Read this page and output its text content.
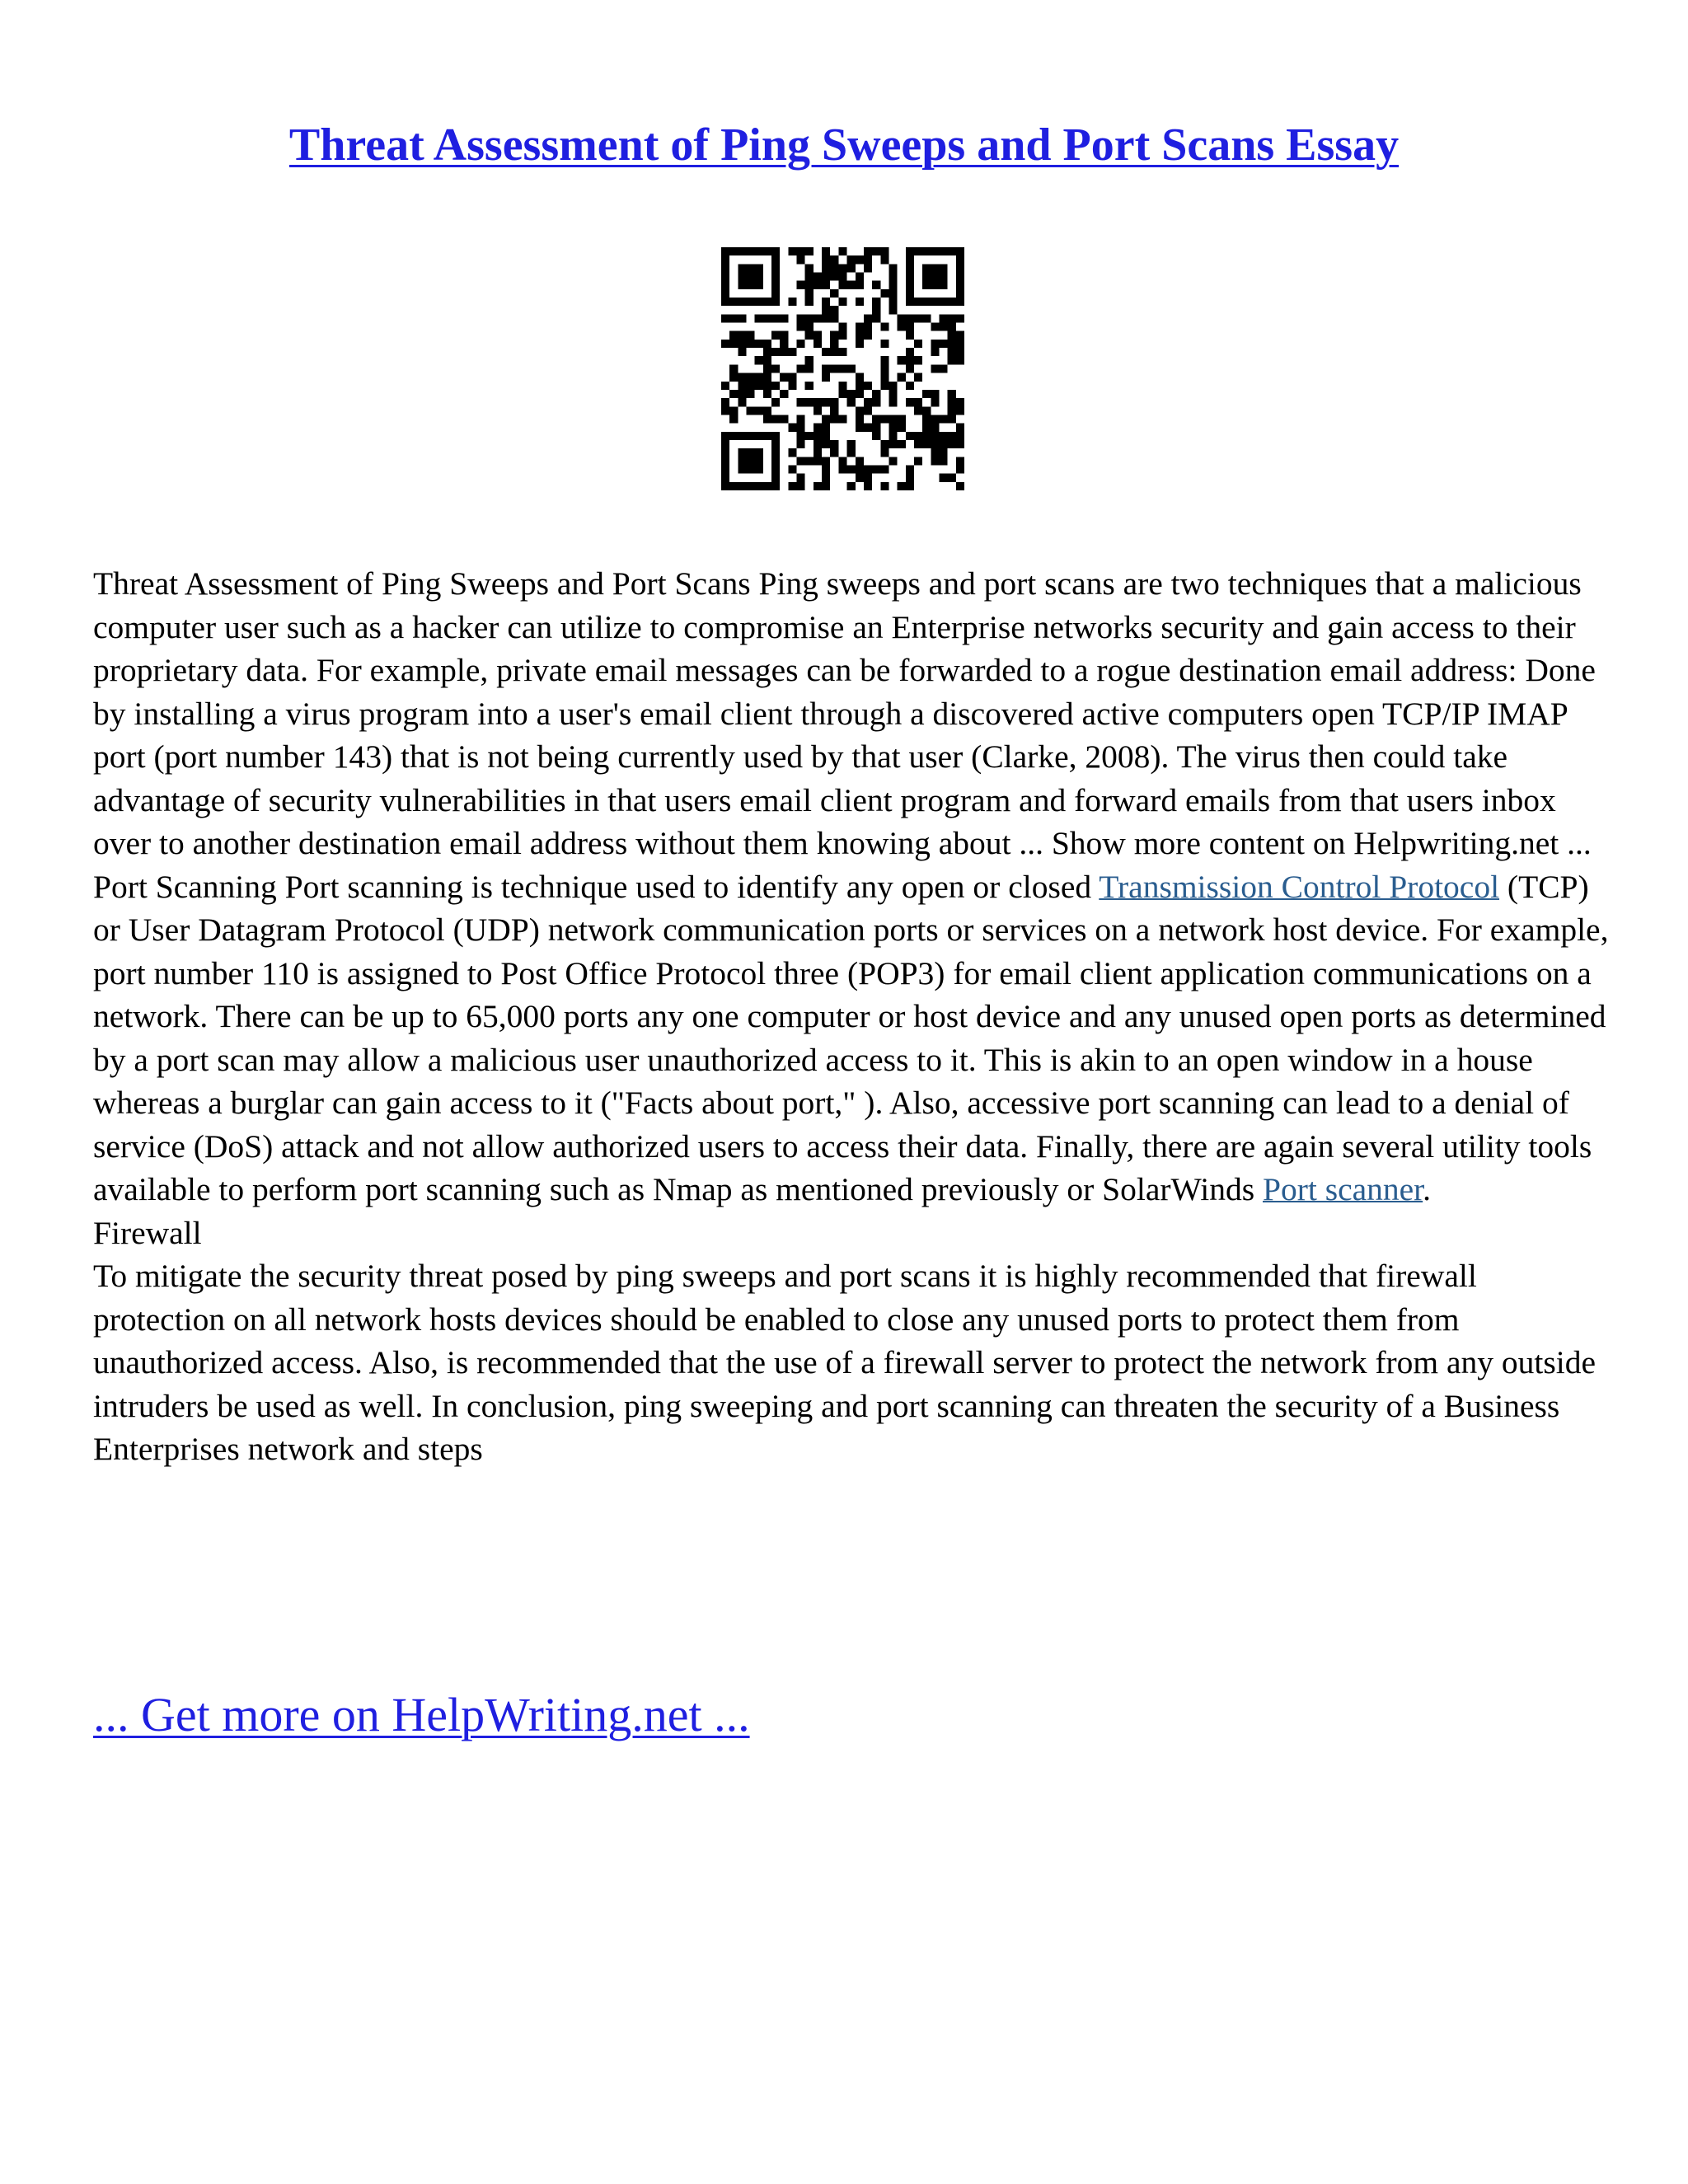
Threat Assessment of Ping Sweeps and Port Scans Essay

Threat Assessment of Ping Sweeps and Port Scans Ping sweeps and port scans are two techniques that a malicious computer user such as a hacker can utilize to compromise an Enterprise networks security and gain access to their proprietary data. For example, private email messages can be forwarded to a rogue destination email address: Done by installing a virus program into a user's email client through a discovered active computers open TCP/IP IMAP port (port number 143) that is not being currently used by that user (Clarke, 2008). The virus then could take advantage of security vulnerabilities in that users email client program and forward emails from that users inbox over to another destination email address without them knowing about ... Show more content on Helpwriting.net ...

Port Scanning Port scanning is technique used to identify any open or closed Transmission Control Protocol (TCP) or User Datagram Protocol (UDP) network communication ports or services on a network host device. For example, port number 110 is assigned to Post Office Protocol three (POP3) for email client application communications on a network. There can be up to 65,000 ports any one computer or host device and any unused open ports as determined by a port scan may allow a malicious user unauthorized access to it. This is akin to an open window in a house whereas a burglar can gain access to it ("Facts about port," ). Also, accessive port scanning can lead to a denial of service (DoS) attack and not allow authorized users to access their data. Finally, there are again several utility tools available to perform port scanning such as Nmap as mentioned previously or SolarWinds Port scanner.

Firewall

To mitigate the security threat posed by ping sweeps and port scans it is highly recommended that firewall protection on all network hosts devices should be enabled to close any unused ports to protect them from unauthorized access. Also, is recommended that the use of a firewall server to protect the network from any outside intruders be used as well. In conclusion, ping sweeping and port scanning can threaten the security of a Business Enterprises network and steps

... Get more on HelpWriting.net ...
